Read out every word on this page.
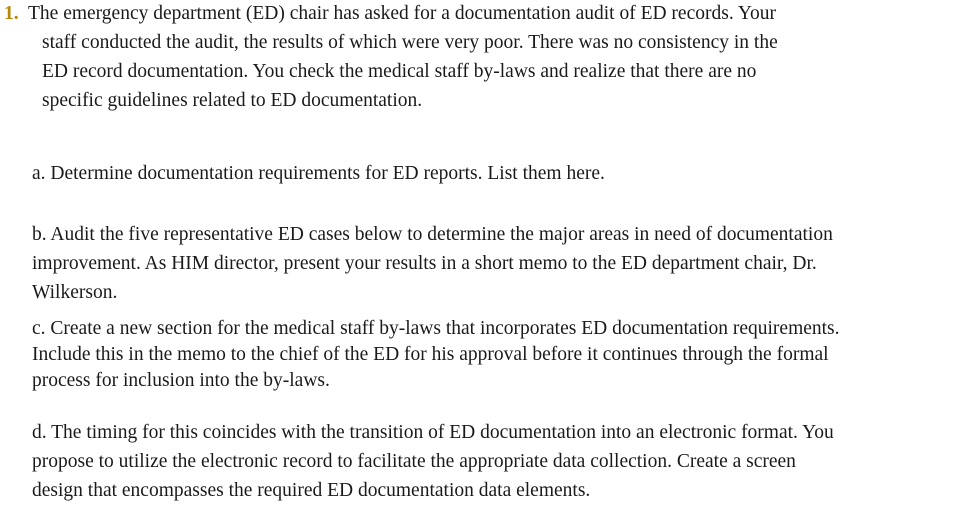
1. The emergency department (ED) chair has asked for a documentation audit of ED records. Your
staff conducted the audit, the results of which were very poor. There was no consistency in the
ED record documentation. You check the medical staff by-laws and realize that there are no
specific guidelines related to ED documentation.
a. Determine documentation requirements for ED reports. List them here.
b. Audit the five representative ED cases below to determine the major areas in need of documentation
improvement. As HIM director, present your results in a short memo to the ED department chair, Dr.
Wilkerson.
c. Create a new section for the medical staff by-laws that incorporates ED documentation requirements.
Include this in the memo to the chief of the ED for his approval before it continues through the formal
process for inclusion into the by-laws.
d. The timing for this coincides with the transition of ED documentation into an electronic format. You
propose to utilize the electronic record to facilitate the appropriate data collection. Create a screen
design that encompasses the required ED documentation data elements.
